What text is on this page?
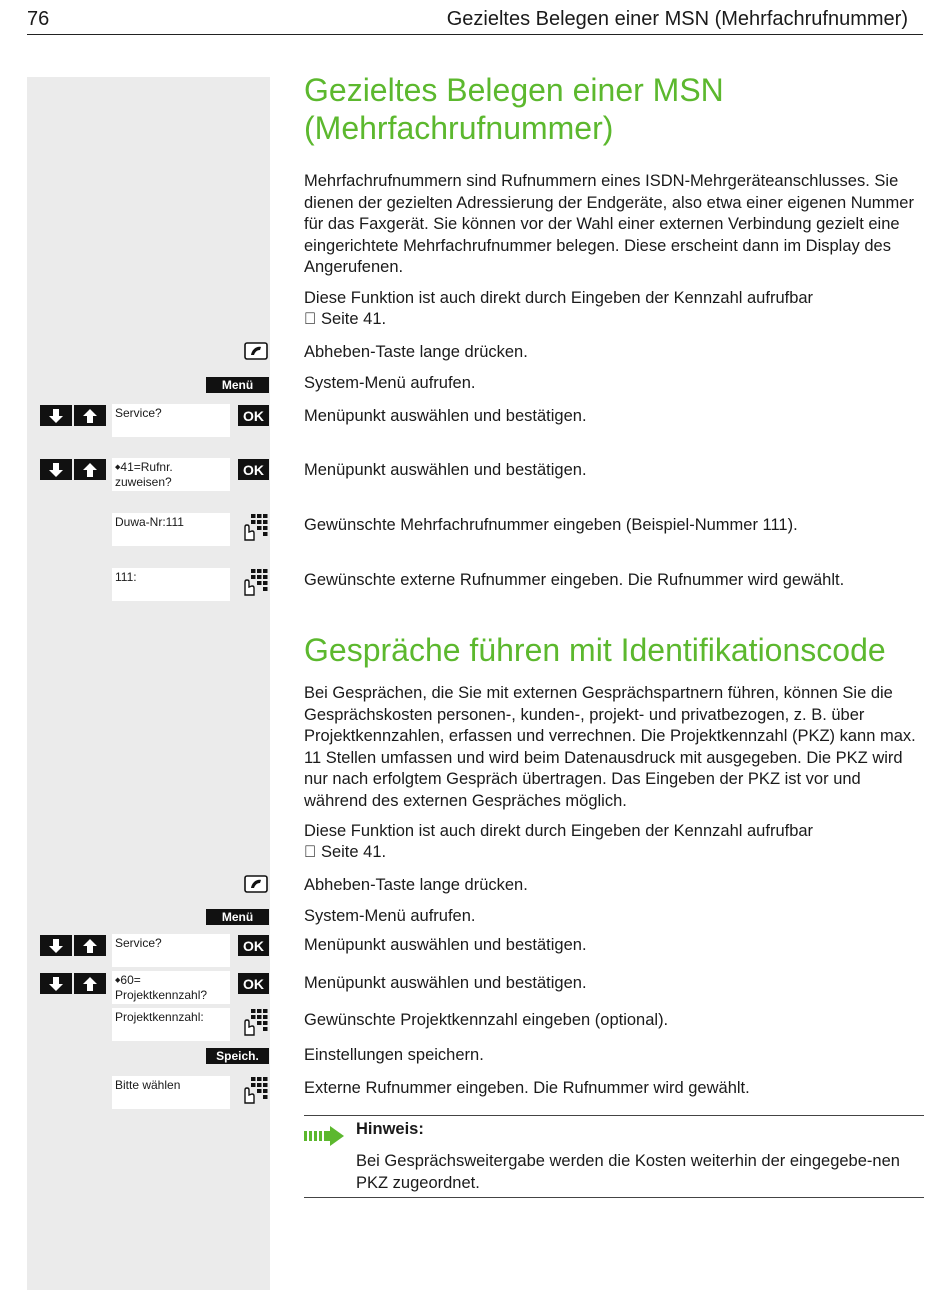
76	Gezieltes Belegen einer MSN (Mehrfachrufnummer)
Gezieltes Belegen einer MSN
(Mehrfachrufnummer)
Mehrfachrufnummern sind Rufnummern eines ISDN-Mehrgeräteanschlusses. Sie dienen der gezielten Adressierung der Endgeräte, also etwa einer eigenen Nummer für das Faxgerät. Sie können vor der Wahl einer externen Verbindung gezielt eine eingerichtete Mehrfachrufnummer belegen. Diese erscheint dann im Display des Angerufenen.
Diese Funktion ist auch direkt durch Eingeben der Kennzahl aufrufbar
Seite 41.
Abheben-Taste lange drücken.
Menü	System-Menü aufrufen.
Service?	OK	Menüpunkt auswählen und bestätigen.
◆41=Rufnr.
zuweisen?
OK	Menüpunkt auswählen und bestätigen.
Duwa-Nr:111	Gewünschte Mehrfachrufnummer eingeben (Beispiel-Nummer 111).
111:	Gewünschte externe Rufnummer eingeben. Die Rufnummer wird gewählt.
Gespräche führen mit Identifikationscode
Bei Gesprächen, die Sie mit externen Gesprächspartnern führen, können Sie die Gesprächskosten personen-, kunden-, projekt- und privatbezogen, z. B. über Projektkennzahlen, erfassen und verrechnen. Die Projektkennzahl (PKZ) kann max. 11 Stellen umfassen und wird beim Datenausdruck mit ausgegeben. Die PKZ wird nur nach erfolgtem Gespräch übertragen. Das Eingeben der PKZ ist vor und während des externen Gespräches möglich.
Diese Funktion ist auch direkt durch Eingeben der Kennzahl aufrufbar
Seite 41.
Abheben-Taste lange drücken.
Menü	System-Menü aufrufen.
Service?	OK	Menüpunkt auswählen und bestätigen.
◆60=
Projektkennzahl?
OK	Menüpunkt auswählen und bestätigen.
Projektkennzahl:	Gewünschte Projektkennzahl eingeben (optional).
Speich.	Einstellungen speichern.
Bitte wählen	Externe Rufnummer eingeben. Die Rufnummer wird gewählt.
Hinweis:
Bei Gesprächsweitergabe werden die Kosten weiterhin der eingegebe-nen PKZ zugeordnet.
